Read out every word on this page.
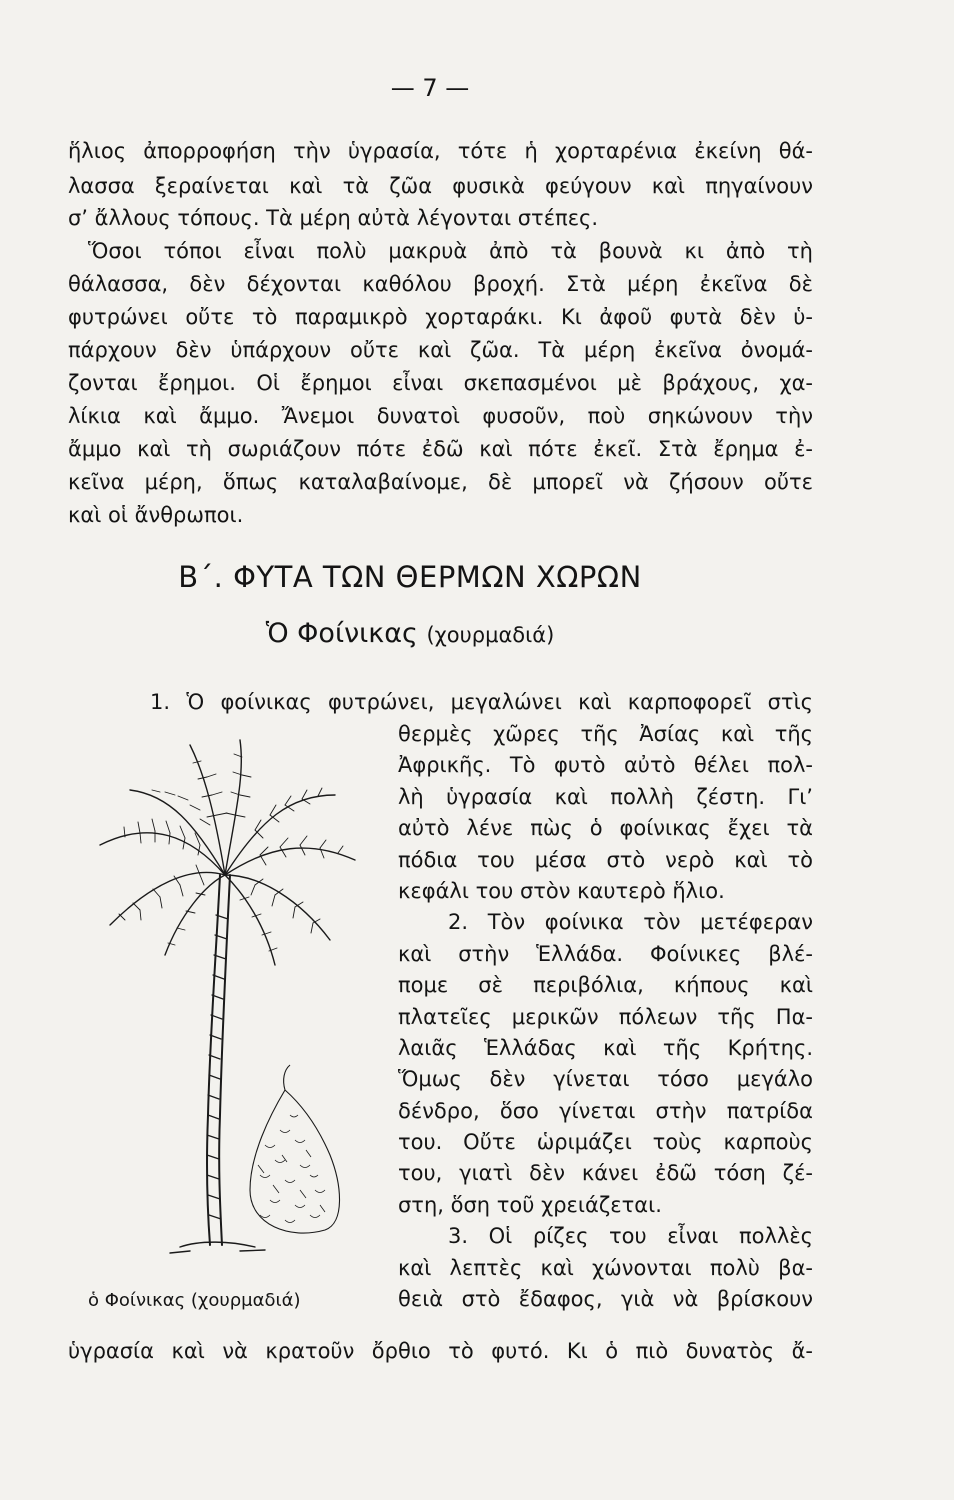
— 7 —
ἥλιος ἀπορροφήση τὴν ὑγρασία, τότε ἡ χορταρένια ἐκείνη θά-
λασσα ξεραίνεται καὶ τὰ ζῶα φυσικὰ φεύγουν καὶ πηγαίνουν
σ’ ἄλλους τόπους. Τὰ μέρη αὐτὰ λέγονται στέπες.
Ὅσοι τόποι εἶναι πολὺ μακρυὰ ἀπὸ τὰ βουνὰ κι ἀπὸ τὴ
θάλασσα, δὲν δέχονται καθόλου βροχή. Στὰ μέρη ἐκεῖνα δὲ
φυτρώνει οὔτε τὸ παραμικρὸ χορταράκι. Κι ἀφοῦ φυτὰ δὲν ὑ-
πάρχουν δὲν ὑπάρχουν οὔτε καὶ ζῶα. Τὰ μέρη ἐκεῖνα ὀνομά-
ζονται ἔρημοι. Οἱ ἔρημοι εἶναι σκεπασμένοι μὲ βράχους, χα-
λίκια καὶ ἄμμο. Ἄνεμοι δυνατοὶ φυσοῦν, ποὺ σηκώνουν τὴν
ἄμμο καὶ τὴ σωριάζουν πότε ἐδῶ καὶ πότε ἐκεῖ. Στὰ ἔρημα ἐ-
κεῖνα μέρη, ὅπως καταλαβαίνομε, δὲ μπορεῖ νὰ ζήσουν οὔτε
καὶ οἱ ἄνθρωποι.
Β΄. ΦΥΤΑ ΤΩΝ ΘΕΡΜΩΝ ΧΩΡΩΝ
Ὁ Φοίνικας (χουρμαδιά)
1. Ὁ φοίνικας φυτρώνει, μεγαλώνει καὶ καρποφορεῖ στὶς
θερμὲς χῶρες τῆς Ἀσίας καὶ τῆς
Ἀφρικῆς. Τὸ φυτὸ αὐτὸ θέλει πολ-
λὴ ὑγρασία καὶ πολλὴ ζέστη. Γι’
αὐτὸ λένε πὼς ὁ φοίνικας ἔχει τὰ
πόδια του μέσα στὸ νερὸ καὶ τὸ
κεφάλι του στὸν καυτερὸ ἥλιο.
2. Τὸν φοίνικα τὸν μετέφεραν
καὶ στὴν Ἑλλάδα. Φοίνικες βλέ-
πομε σὲ περιβόλια, κήπους καὶ
πλατεῖες μερικῶν πόλεων τῆς Πα-
λαιᾶς Ἑλλάδας καὶ τῆς Κρήτης.
Ὅμως δὲν γίνεται τόσο μεγάλο
δένδρο, ὅσο γίνεται στὴν πατρίδα
του. Οὔτε ὡριμάζει τοὺς καρποὺς
του, γιατὶ δὲν κάνει ἐδῶ τόση ζέ-
στη, ὅση τοῦ χρειάζεται.
3. Οἱ ρίζες του εἶναι πολλὲς
καὶ λεπτὲς καὶ χώνονται πολὺ βα-
θειὰ στὸ ἔδαφος, γιὰ νὰ βρίσκουν
ὁ Φοίνικας (χουρμαδιά)
ὑγρασία καὶ νὰ κρατοῦν ὄρθιο τὸ φυτό. Κι ὁ πιὸ δυνατὸς ἄ-
